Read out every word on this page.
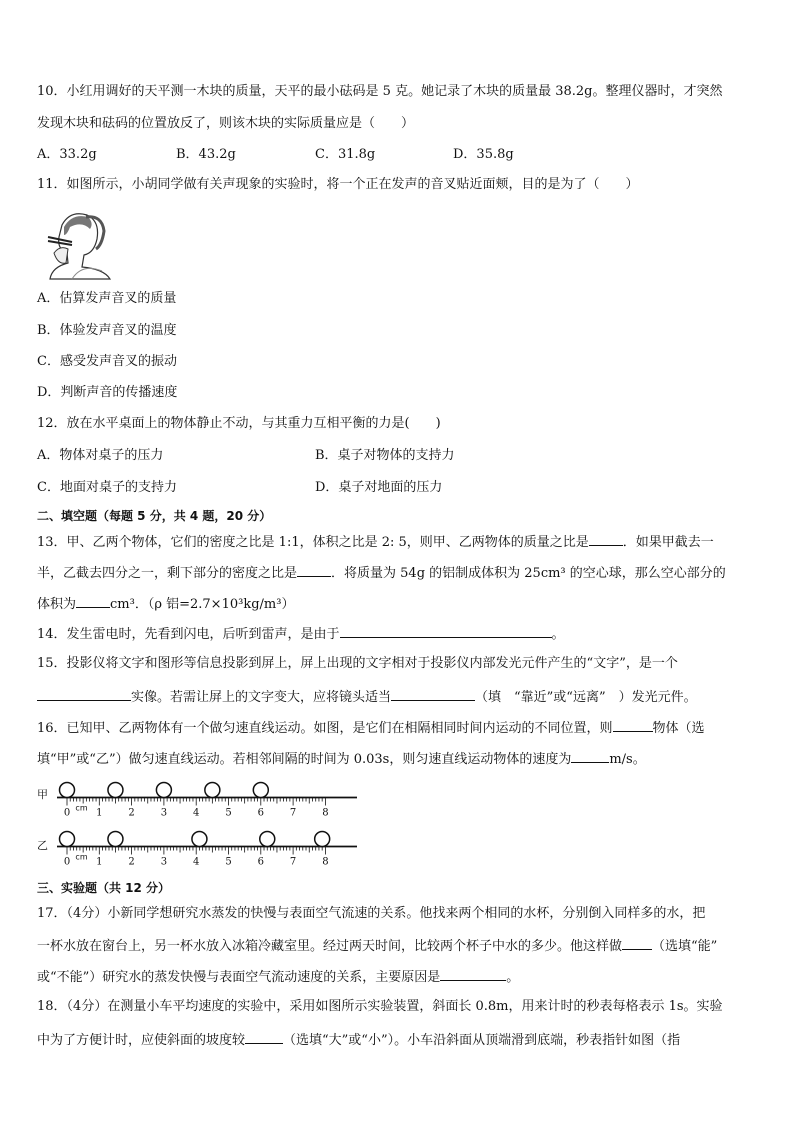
10．小红用调好的天平测一木块的质量，天平的最小砝码是 5 克。她记录了木块的质量最 38.2g。整理仪器时，才突然
发现木块和砝码的位置放反了，则该木块的实际质量应是（　　）
A．33.2g	B．43.2g	C．31.8g	D．35.8g
11．如图所示，小胡同学做有关声现象的实验时，将一个正在发声的音叉贴近面颊，目的是为了（　　）
A．估算发声音叉的质量
B．体验发声音叉的温度
C．感受发声音叉的振动
D．判断声音的传播速度
12．放在水平桌面上的物体静止不动，与其重力互相平衡的力是(　　)
A．物体对桌子的压力	B．桌子对物体的支持力
C．地面对桌子的支持力	D．桌子对地面的压力
二、填空题（每题 5 分，共 4 题，20 分）
13．甲、乙两个物体，它们的密度之比是 1:1，体积之比是 2: 5，则甲、乙两物体的质量之比是	．如果甲截去一
半，乙截去四分之一，剩下部分的密度之比是	．将质量为 54g 的铝制成体积为 25cm³ 的空心球，那么空心部分的
体积为	cm³．（ρ 铝=2.7×10³kg/m³）
14．发生雷电时，先看到闪电，后听到雷声，是由于	。
15．投影仪将文字和图形等信息投影到屏上，屏上出现的文字相对于投影仪内部发光元件产生的“文字”，是一个
实像。若需让屏上的文字变大，应将镜头适当	（填　“靠近”或“远离”　）发光元件。
16．已知甲、乙两物体有一个做匀速直线运动。如图，是它们在相隔相同时间内运动的不同位置，则	物体（选
填“甲”或“乙”）做匀速直线运动。若相邻间隔的时间为 0.03s，则匀速直线运动物体的速度为	m/s。
甲
0	1	2	3	4	5	6	7	8
cm
乙
0	1	2	3	4	5	6	7	8
cm
三、实验题（共 12 分）
17．（4分）小新同学想研究水蒸发的快慢与表面空气流速的关系。他找来两个相同的水杯，分别倒入同样多的水，把
一杯水放在窗台上，另一杯水放入冰箱冷藏室里。经过两天时间，比较两个杯子中水的多少。他这样做 （选填“能”
或“不能”）研究水的蒸发快慢与表面空气流动速度的关系，主要原因是	。
18．（4分）在测量小车平均速度的实验中，采用如图所示实验装置，斜面长 0.8m，用来计时的秒表每格表示 1s。实验
中为了方便计时，应使斜面的坡度较	（选填“大”或“小”）。小车沿斜面从顶端滑到底端，秒表指针如图（指
